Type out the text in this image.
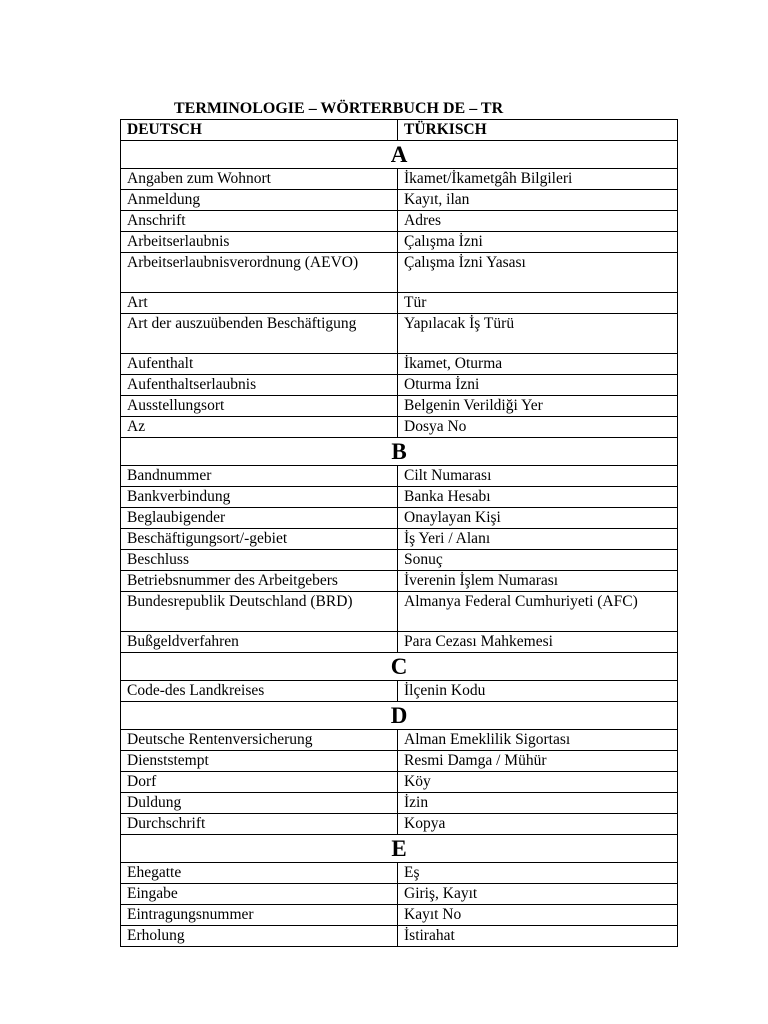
TERMINOLOGIE – WÖRTERBUCH DE – TR
DEUTSCH	TÜRKISCH
A	
Angaben zum Wohnort	İkamet/İkametgâh Bilgileri
Anmeldung	Kayıt, ilan
Anschrift	Adres
Arbeitserlaubnis	Çalışma İzni
Arbeitserlaubnisverordnung (AEVO)	Çalışma İzni Yasası
Art	Tür
Art der auszuübenden Beschäftigung	Yapılacak İş Türü
Aufenthalt	İkamet, Oturma
Aufenthaltserlaubnis	Oturma İzni
Ausstellungsort	Belgenin Verildiği Yer
Az	Dosya No
B	
Bandnummer	Cilt Numarası
Bankverbindung	Banka Hesabı
Beglaubigender	Onaylayan Kişi
Beschäftigungsort/-gebiet	İş Yeri / Alanı
Beschluss	Sonuç
Betriebsnummer des Arbeitgebers	İverenin İşlem Numarası
Bundesrepublik Deutschland (BRD)	Almanya Federal Cumhuriyeti (AFC)
Bußgeldverfahren	Para Cezası Mahkemesi
C	
Code-des Landkreises	İlçenin Kodu
D	
Deutsche Rentenversicherung	Alman Emeklilik Sigortası
Dienststempt	Resmi Damga / Mühür
Dorf	Köy
Duldung	İzin
Durchschrift	Kopya
E	
Ehegatte	Eş
Eingabe	Giriş, Kayıt
Eintragungsnummer	Kayıt No
Erholung	İstirahat
